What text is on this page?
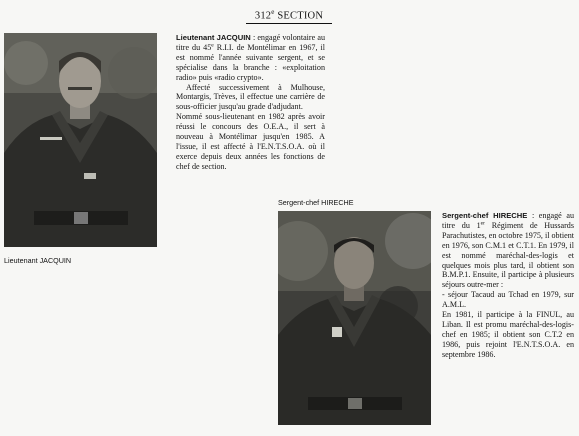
312e SECTION
Lieutenant JACQUIN

Lieutenant JACQUIN : engagé volontaire au titre du 45e R.I.I. de Montélimar en 1967, il est nommé l'année suivante sergent, et se spécialise dans la branche : «exploitation radio» puis «radio crypto».

Affecté successivement à Mulhouse, Montargis, Trèves, il effectue une carrière de sous-officier jusqu'au grade d'adjudant.

Nommé sous-lieutenant en 1982 après avoir réussi le concours des O.E.A., il sert à nouveau à Montélimar jusqu'en 1985. A l'issue, il est affecté à l'E.N.T.S.O.A. où il exerce depuis deux années les fonctions de chef de section.

Sergent-chef HIRECHE

Sergent-chef HIRECHE : engagé au titre du 1er Régiment de Hussards Parachutistes, en octobre 1975, il obtient en 1976, son C.M.1 et C.T.1. En 1979, il est nommé maréchal-des-logis et quelques mois plus tard, il obtient son B.M.P.1. Ensuite, il participe à plusieurs séjours outre-mer :

- séjour Tacaud au Tchad en 1979, sur A.M.L.

En 1981, il participe à la FINUL, au Liban. Il est promu maréchal-des-logis-chef en 1985; il obtient son C.T.2 en 1986, puis rejoint l'E.N.T.S.O.A. en septembre 1986.
